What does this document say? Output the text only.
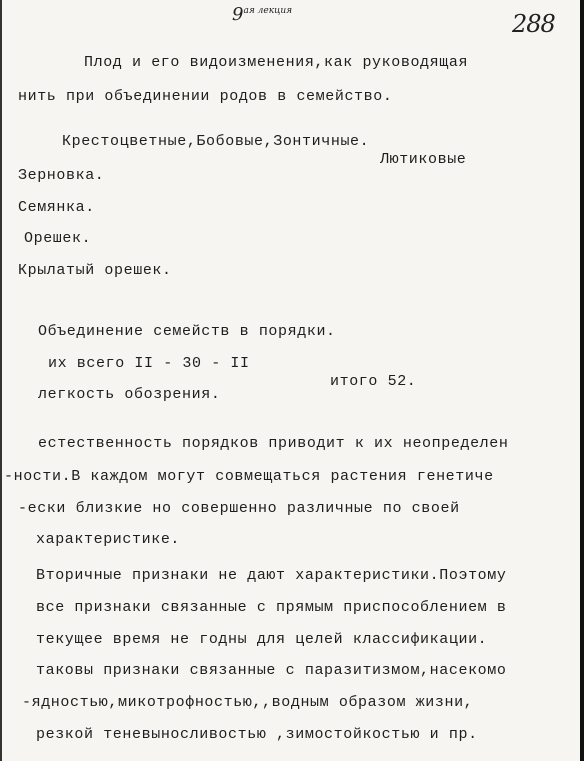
$9^{ая лекция}$	288
Плод и его видоизменения,как руководящая
нить при объединении родов в семейство.
Крестоцветные,Бобовые,Зонтичные.
Лютиковые
Зерновка.
Семянка.
Орешек.
Крылатый орешек.
Объединение семейств в порядки.
их всего II - 30 - II
итого 52.
легкость обозрения.
естественность порядков приводит к их неопределен
-ности.В каждом могут совмещаться растения генетиче
-ески близкие но совершенно различные по своей
характеристике.
Вторичные признаки не дают характеристики.Поэтому
все признаки связанные с прямым приспособлением в
текущее время не годны для целей классификации.
таковы признаки связанные с паразитизмом,насекомо
-ядностью,микотрофностью,,водным образом жизни,
резкой теневыносливостью ,зимостойкостью и пр.
